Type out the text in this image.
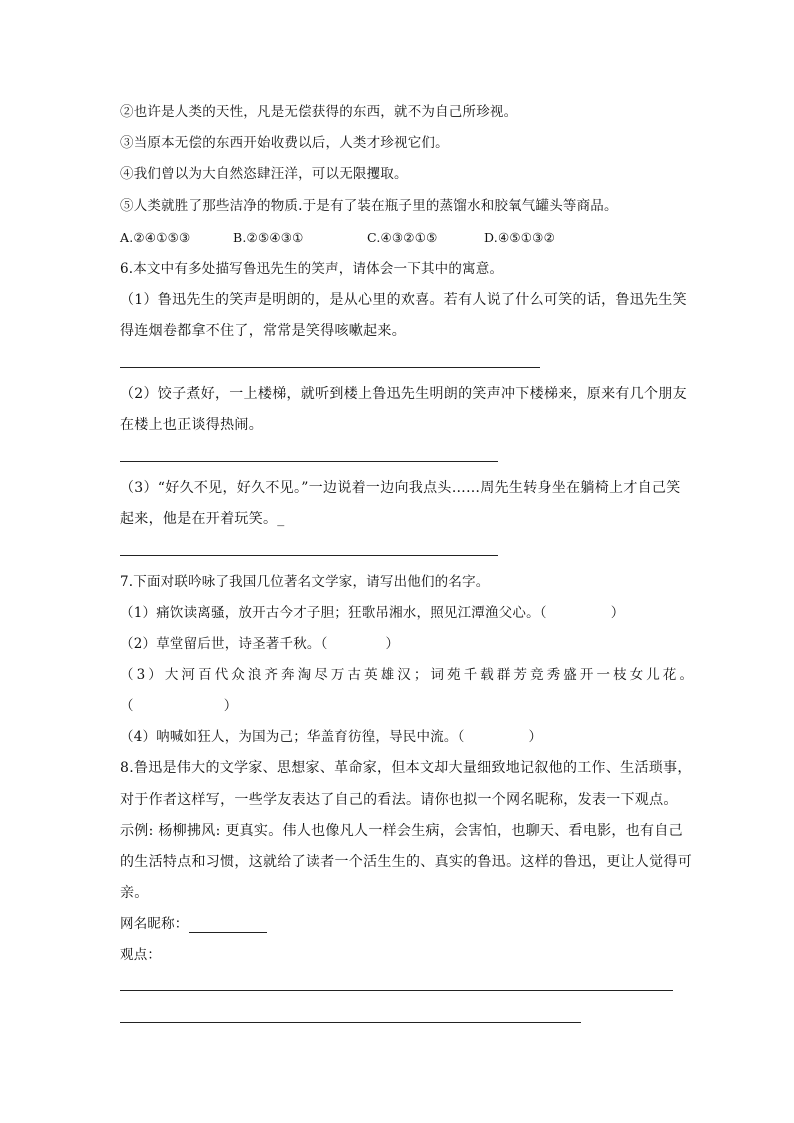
②也许是人类的天性，凡是无偿获得的东西，就不为自己所珍视。
③当原本无偿的东西开始收费以后，人类才珍视它们。
④我们曾以为大自然恣肆汪洋，可以无限攫取。
⑤人类就胜了那些洁净的物质.于是有了装在瓶子里的蒸馏水和胶氧气罐头等商品。
A.②④①⑤③	B.②⑤④③①	C.④③②①⑤	D.④⑤①③②
6.本文中有多处描写鲁迅先生的笑声，请体会一下其中的寓意。
（1）鲁迅先生的笑声是明朗的，是从心里的欢喜。若有人说了什么可笑的话，鲁迅先生笑
得连烟卷都拿不住了，常常是笑得咳嗽起来。
（2）饺子煮好，一上楼梯，就听到楼上鲁迅先生明朗的笑声冲下楼梯来，原来有几个朋友
在楼上也正谈得热闹。
（3）“好久不见，好久不见。”一边说着一边向我点头……周先生转身坐在躺椅上才自己笑
起来，他是在开着玩笑。_
7.下面对联吟咏了我国几位著名文学家，请写出他们的名字。
（1）痛饮读离骚，放开古今才子胆；狂歌吊湘水，照见江潭渔父心。（	）
（2）草堂留后世，诗圣著千秋。（	）
（3）大河百代众浪齐奔淘尽万古英雄汉；词苑千载群芳竞秀盛开一枝女儿花。
（	）
（4）呐喊如狂人，为国为己；华盖育彷徨，导民中流。（	）
8.鲁迅是伟大的文学家、思想家、革命家，但本文却大量细致地记叙他的工作、生活琐事，
对于作者这样写，一些学友表达了自己的看法。请你也拟一个网名昵称，发表一下观点。
示例: 杨柳拂风: 更真实。伟人也像凡人一样会生病，会害怕，也聊天、看电影，也有自己
的生活特点和习惯，这就给了读者一个活生生的、真实的鲁迅。这样的鲁迅，更让人觉得可
亲。
网名昵称：
观点：
